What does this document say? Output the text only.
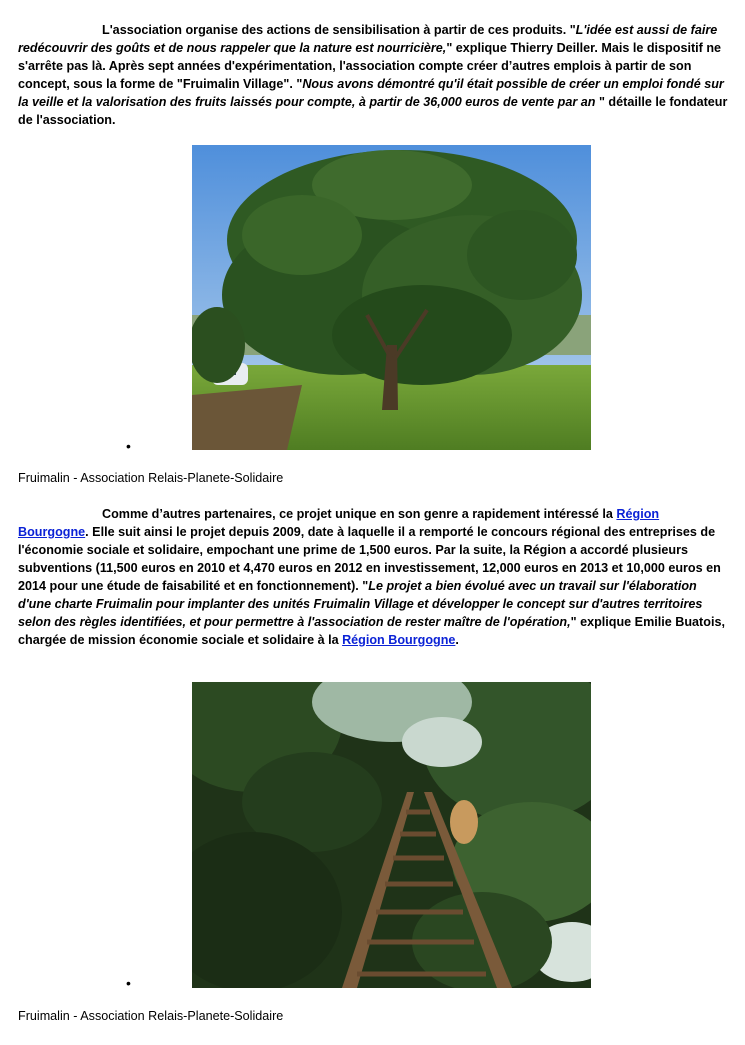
L'association organise des actions de sensibilisation à partir de ces produits. "L'idée est aussi de faire redécouvrir des goûts et de nous rappeler que la nature est nourricière," explique Thierry Deiller. Mais le dispositif ne s'arrête pas là. Après sept années d'expérimentation, l'association compte créer d’autres emplois à partir de son concept, sous la forme de "Fruimalin Village". "Nous avons démontré qu'il était possible de créer un emploi fondé sur la veille et la valorisation des fruits laissés pour compte, à partir de 36,000 euros de vente par an " détaille le fondateur de l'association.

•

Fruimalin - Association Relais-Planete-Solidaire

Comme d’autres partenaires, ce projet unique en son genre a rapidement intéressé la Région Bourgogne. Elle suit ainsi le projet depuis 2009, date à laquelle il a remporté le concours régional des entreprises de l'économie sociale et solidaire, empochant une prime de 1,500 euros. Par la suite, la Région a accordé plusieurs subventions (11,500 euros en 2010 et 4,470 euros en 2012 en investissement, 12,000 euros en 2013 et 10,000 euros en 2014 pour une étude de faisabilité et en fonctionnement). "Le projet a bien évolué avec un travail sur l'élaboration d'une charte Fruimalin pour implanter des unités Fruimalin Village et développer le concept sur d'autres territoires selon des règles identifiées, et pour permettre à l'association de rester maître de l'opération," explique Emilie Buatois, chargée de mission économie sociale et solidaire à la Région Bourgogne.

•

Fruimalin - Association Relais-Planete-Solidaire
